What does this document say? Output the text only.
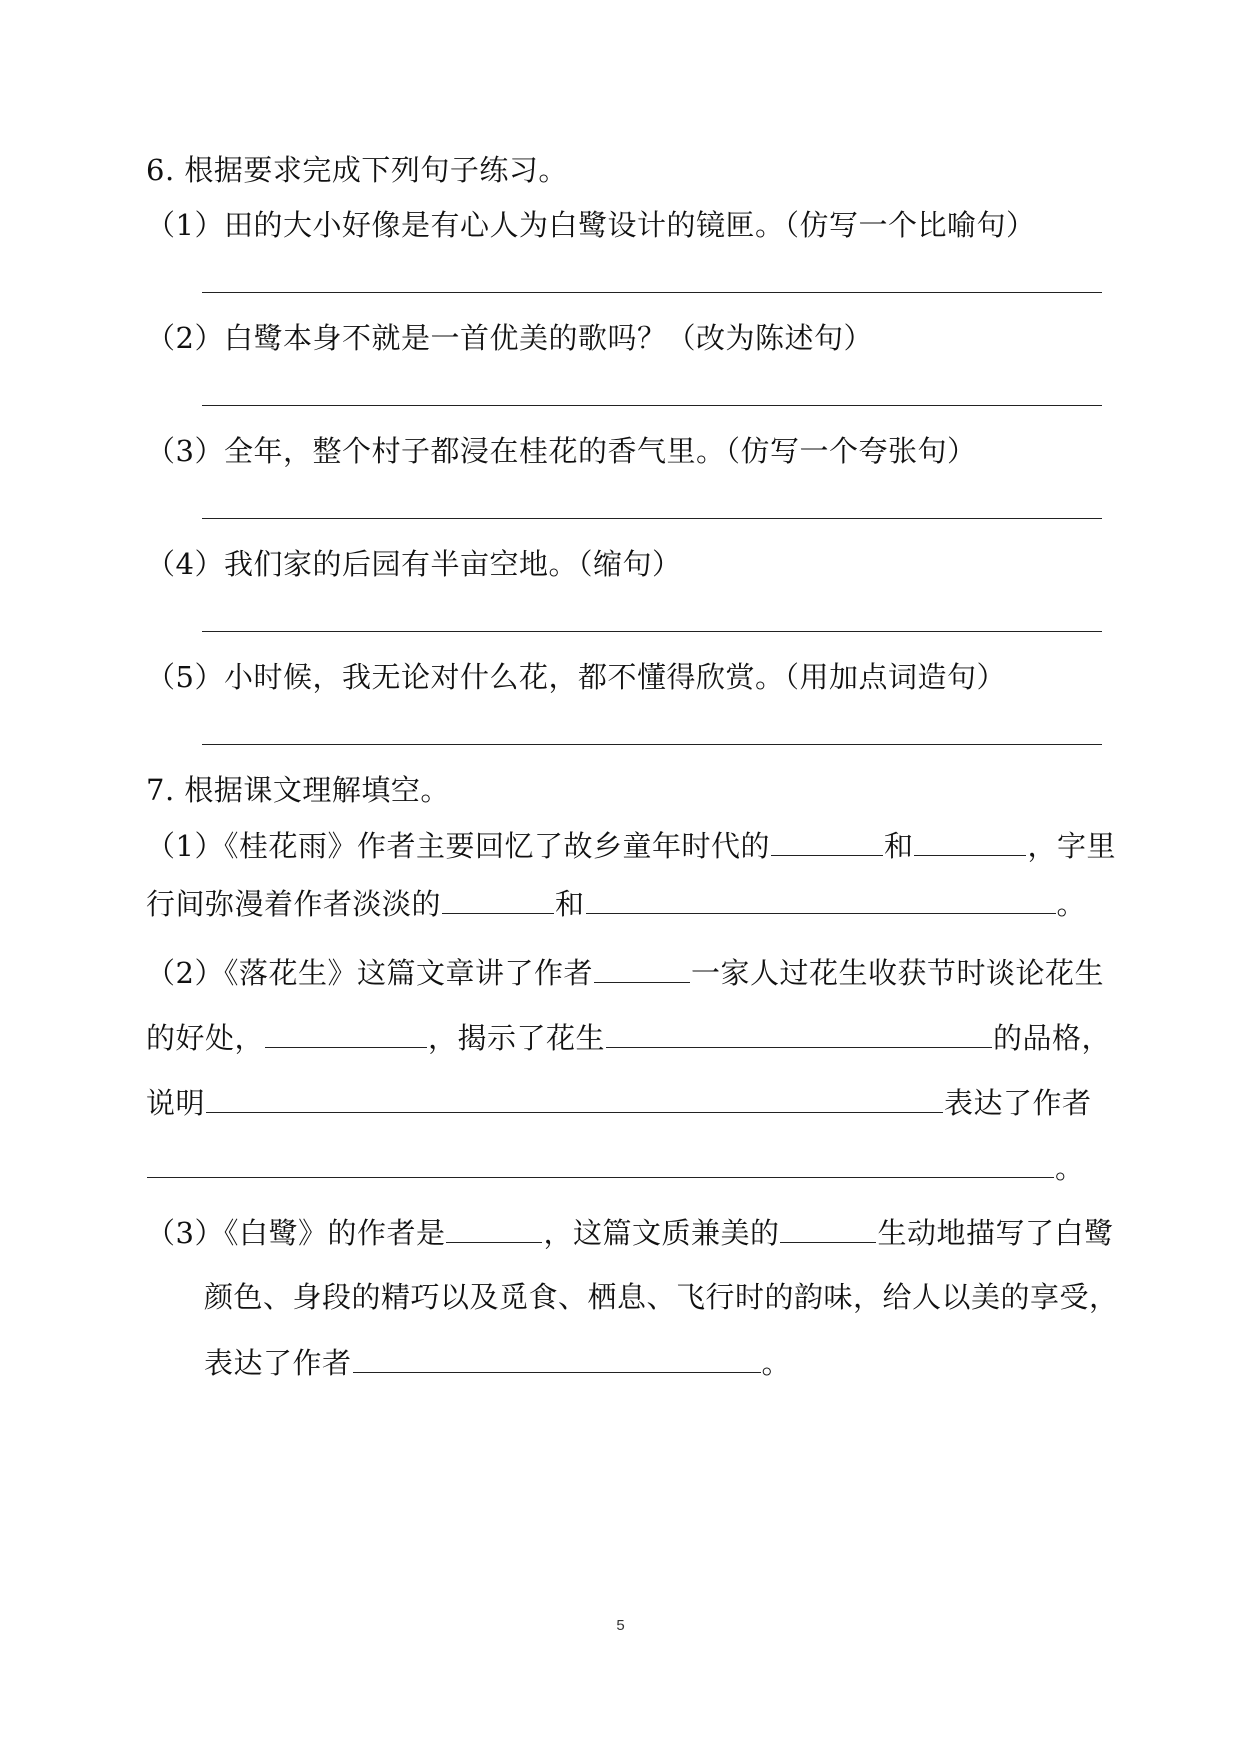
6. 根据要求完成下列句子练习。
（1）田的大小好像是有心人为白鹭设计的镜匣。（仿写一个比喻句）
（2）白鹭本身不就是一首优美的歌吗？（改为陈述句）
（3）全年，整个村子都浸在桂花的香气里。（仿写一个夸张句）
（4）我们家的后园有半亩空地。（缩句）
（5）小时候，我无论对什么花，都不懂得欣赏。（用加点词造句）
7. 根据课文理解填空。
（1）《桂花雨》作者主要回忆了故乡童年时代的	和	，字里
行间弥漫着作者淡淡的	和	。
（2）《落花生》这篇文章讲了作者	一家人过花生收获节时谈论花生
的好处，	，揭示了花生	的品格，
说明	表达了作者
。
（3）《白鹭》的作者是	，这篇文质兼美的	生动地描写了白鹭
颜色、身段的精巧以及觅食、栖息、飞行时的韵味，给人以美的享受，
表达了作者	。
5
